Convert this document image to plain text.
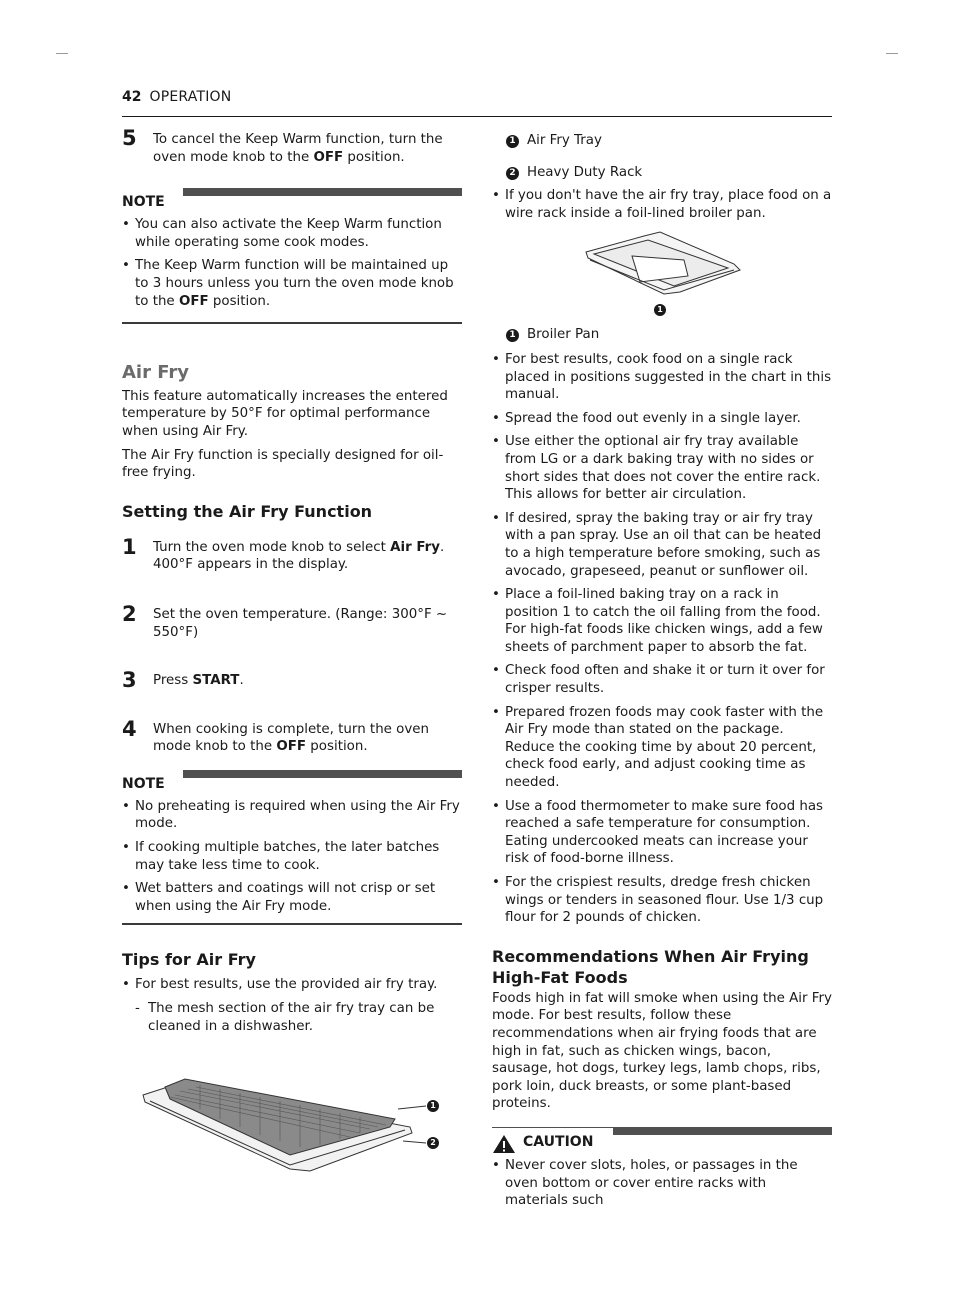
42 OPERATION
5 To cancel the Keep Warm function, turn the oven mode knob to the OFF position.
NOTE
• You can also activate the Keep Warm function while operating some cook modes.
• The Keep Warm function will be maintained up to 3 hours unless you turn the oven mode knob to the OFF position.
Air Fry

This feature automatically increases the entered temperature by 50°F for optimal performance when using Air Fry.

The Air Fry function is specially designed for oil-free frying.

Setting the Air Fry Function
1 Turn the oven mode knob to select Air Fry. 400°F appears in the display.
2 Set the oven temperature. (Range: 300°F ~ 550°F)
3 Press START.
4 When cooking is complete, turn the oven mode knob to the OFF position.
NOTE
• No preheating is required when using the Air Fry mode.
• If cooking multiple batches, the later batches may take less time to cook.
• Wet batters and coatings will not crisp or set when using the Air Fry mode.
Tips for Air Fry
• For best results, use the provided air fry tray.
- The mesh section of the air fry tray can be cleaned in a dishwasher.
1
2
1 Air Fry Tray
2 Heavy Duty Rack
• If you don't have the air fry tray, place food on a wire rack inside a foil-lined broiler pan.
1
1 Broiler Pan
• For best results, cook food on a single rack placed in positions suggested in the chart in this manual.
• Spread the food out evenly in a single layer.
• Use either the optional air fry tray available from LG or a dark baking tray with no sides or short sides that does not cover the entire rack. This allows for better air circulation.
• If desired, spray the baking tray or air fry tray with a pan spray. Use an oil that can be heated to a high temperature before smoking, such as avocado, grapeseed, peanut or sunflower oil.
• Place a foil-lined baking tray on a rack in position 1 to catch the oil falling from the food. For high-fat foods like chicken wings, add a few sheets of parchment paper to absorb the fat.
• Check food often and shake it or turn it over for crisper results.
• Prepared frozen foods may cook faster with the Air Fry mode than stated on the package. Reduce the cooking time by about 20 percent, check food early, and adjust cooking time as needed.
• Use a food thermometer to make sure food has reached a safe temperature for consumption. Eating undercooked meats can increase your risk of food-borne illness.
• For the crispiest results, dredge fresh chicken wings or tenders in seasoned flour. Use 1/3 cup flour for 2 pounds of chicken.
Recommendations When Air Frying High-Fat Foods

Foods high in fat will smoke when using the Air Fry mode. For best results, follow these recommendations when air frying foods that are high in fat, such as chicken wings, bacon, sausage, hot dogs, turkey legs, lamb chops, ribs, pork loin, duck breasts, or some plant-based proteins.

CAUTION
• Never cover slots, holes, or passages in the oven bottom or cover entire racks with materials such
